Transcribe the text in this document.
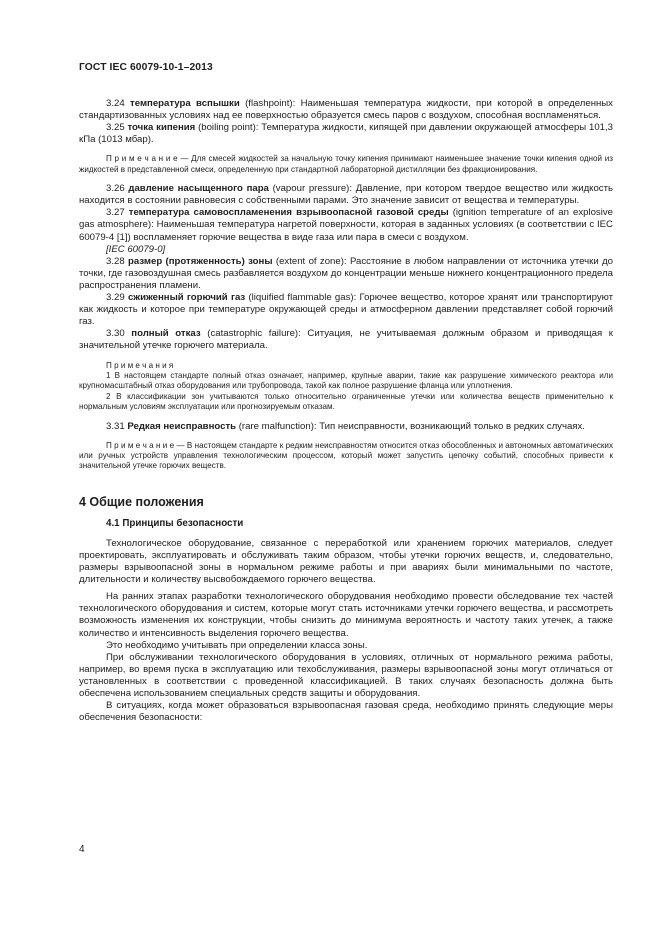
ГОСТ IEC 60079-10-1–2013

3.24 температура вспышки (flashpoint): Наименьшая температура жидкости, при которой в определенных стандартизованных условиях над ее поверхностью образуется смесь паров с воздухом, способная воспламеняться.

3.25 точка кипения (boiling point): Температура жидкости, кипящей при давлении окружающей атмосферы 101,3 кПа (1013 мбар).

П р и м е ч а н и е — Для смесей жидкостей за начальную точку кипения принимают наименьшее значение точки кипения одной из жидкостей в представленной смеси, определенную при стандартной лабораторной дистилляции без фракционирования.

3.26 давление насыщенного пара (vapour pressure): Давление, при котором твердое вещество или жидкость находится в состоянии равновесия с собственными парами. Это значение зависит от вещества и температуры.

3.27 температура самовоспламенения взрывоопасной газовой среды (ignition temperature of an explosive gas atmosphere): Наименьшая температура нагретой поверхности, которая в заданных условиях (в соответствии с IEC 60079-4 [1]) воспламеняет горючие вещества в виде газа или пара в смеси с воздухом.

[IEC 60079-0]

3.28 размер (протяженность) зоны (extent of zone): Расстояние в любом направлении от источника утечки до точки, где газовоздушная смесь разбавляется воздухом до концентрации меньше нижнего концентрационного предела распространения пламени.

3.29 сжиженный горючий газ (liquified flammable gas): Горючее вещество, которое хранят или транспортируют как жидкость и которое при температуре окружающей среды и атмосферном давлении представляет собой горючий газ.

3.30 полный отказ (catastrophic failure): Ситуация, не учитываемая должным образом и приводящая к значительной утечке горючего материала.

П р и м е ч а н и я

1 В настоящем стандарте полный отказ означает, например, крупные аварии, такие как разрушение химического реактора или крупномасштабный отказ оборудования или трубопровода, такой как полное разрушение фланца или уплотнения.

2 В классификации зон учитываются только относительно ограниченные утечки или количества веществ применительно к нормальным условиям эксплуатации или прогнозируемым отказам.

3.31 Редкая неисправность (rare malfunction): Тип неисправности, возникающий только в редких случаях.

П р и м е ч а н и е — В настоящем стандарте к редким неисправностям относится отказ обособленных и автономных автоматических или ручных устройств управления технологическим процессом, который может запустить цепочку событий, способных привести к значительной утечке горючих веществ.

4 Общие положения

4.1 Принципы безопасности

Технологическое оборудование, связанное с переработкой или хранением горючих материалов, следует проектировать, эксплуатировать и обслуживать таким образом, чтобы утечки горючих веществ, и, следовательно, размеры взрывоопасной зоны в нормальном режиме работы и при авариях были минимальными по частоте, длительности и количеству высвобождаемого горючего вещества.

На ранних этапах разработки технологического оборудования необходимо провести обследование тех частей технологического оборудования и систем, которые могут стать источниками утечки горючего вещества, и рассмотреть возможность изменения их конструкции, чтобы снизить до минимума вероятность и частоту таких утечек, а также количество и интенсивность выделения горючего вещества.

Это необходимо учитывать при определении класса зоны.

При обслуживании технологического оборудования в условиях, отличных от нормального режима работы, например, во время пуска в эксплуатацию или техобслуживания, размеры взрывоопасной зоны могут отличаться от установленных в соответствии с проведенной классификацией. В таких случаях безопасность должна быть обеспечена использованием специальных средств защиты и оборудования.

В ситуациях, когда может образоваться взрывоопасная газовая среда, необходимо принять следующие меры обеспечения безопасности:

4
